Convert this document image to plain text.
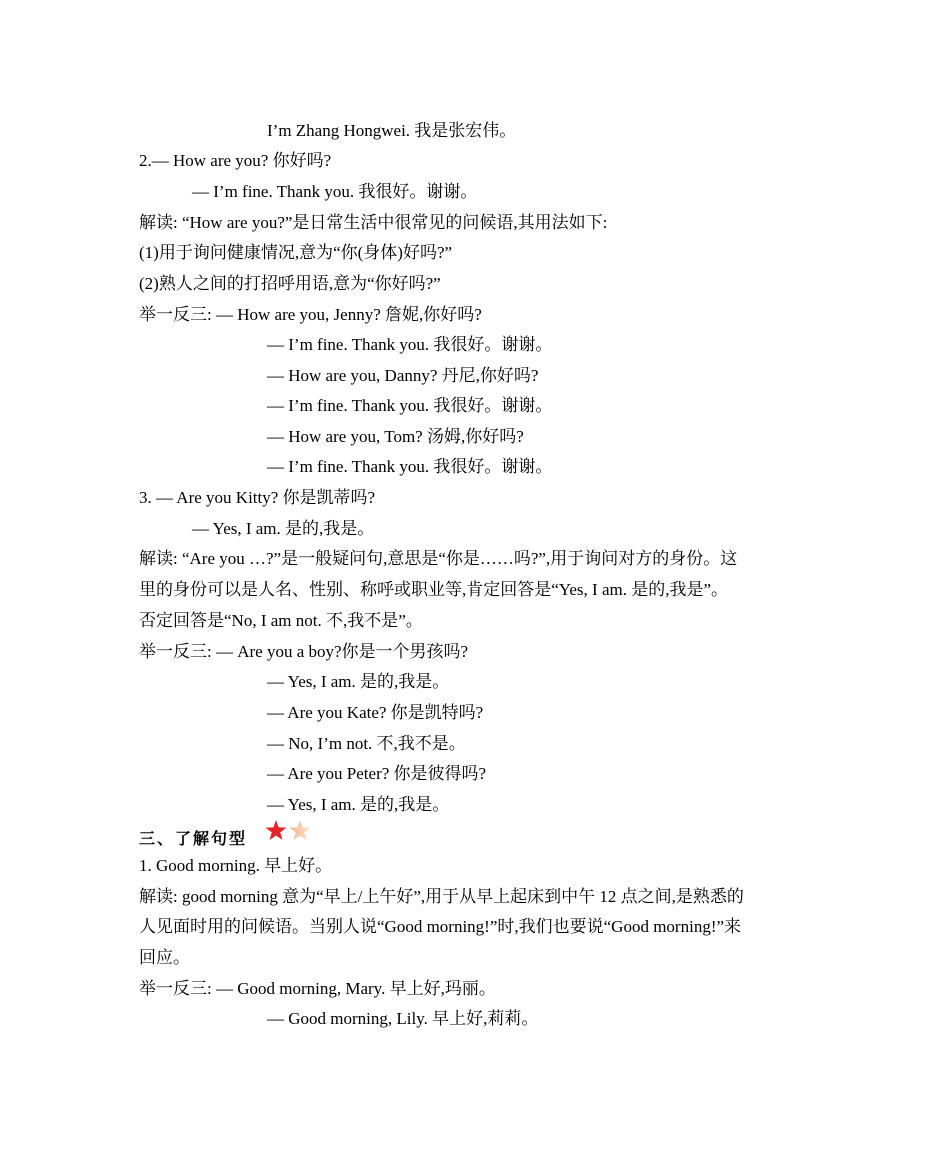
I’m Zhang Hongwei. 我是张宏伟。
2.— How are you? 你好吗?
— I’m fine. Thank you. 我很好。谢谢。
解读: “How are you?”是日常生活中很常见的问候语,其用法如下:
(1)用于询问健康情况,意为“你(身体)好吗?”
(2)熟人之间的打招呼用语,意为“你好吗?”
举一反三: — How are you, Jenny? 詹妮,你好吗?
— I’m fine. Thank you. 我很好。谢谢。
— How are you, Danny? 丹尼,你好吗?
— I’m fine. Thank you. 我很好。谢谢。
— How are you, Tom? 汤姆,你好吗?
— I’m fine. Thank you. 我很好。谢谢。
3. — Are you Kitty? 你是凯蒂吗?
— Yes, I am. 是的,我是。
解读: “Are you …?”是一般疑问句,意思是“你是……吗?”,用于询问对方的身份。这
里的身份可以是人名、性别、称呼或职业等,肯定回答是“Yes, I am. 是的,我是”。
否定回答是“No, I am not. 不,我不是”。
举一反三: — Are you a boy?你是一个男孩吗?
— Yes, I am. 是的,我是。
— Are you Kate? 你是凯特吗?
— No, I’m not. 不,我不是。
— Are you Peter? 你是彼得吗?
— Yes, I am. 是的,我是。
三、了解句型
1. Good morning. 早上好。
解读: good morning 意为“早上/上午好”,用于从早上起床到中午 12 点之间,是熟悉的
人见面时用的问候语。当别人说“Good morning!”时,我们也要说“Good morning!”来
回应。
举一反三: — Good morning, Mary. 早上好,玛丽。
— Good morning, Lily. 早上好,莉莉。
